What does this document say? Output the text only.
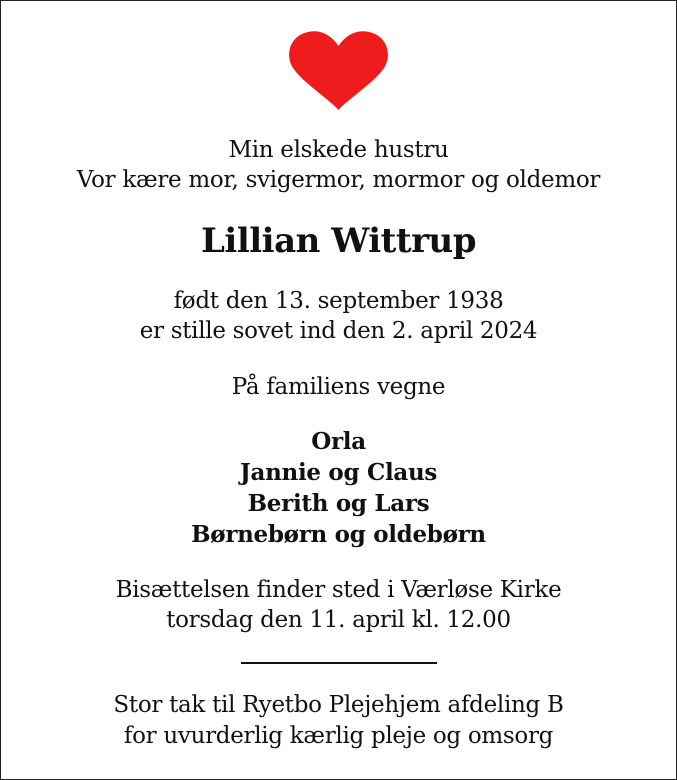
Min elskede hustru
Vor kære mor, svigermor, mormor og oldemor
Lillian Wittrup
født den 13. september 1938
er stille sovet ind den 2. april 2024
På familiens vegne
Orla
Jannie og Claus
Berith og Lars
Børnebørn og oldebørn
Bisættelsen finder sted i Værløse Kirke
torsdag den 11. april kl. 12.00
Stor tak til Ryetbo Plejehjem afdeling B
for uvurderlig kærlig pleje og omsorg
